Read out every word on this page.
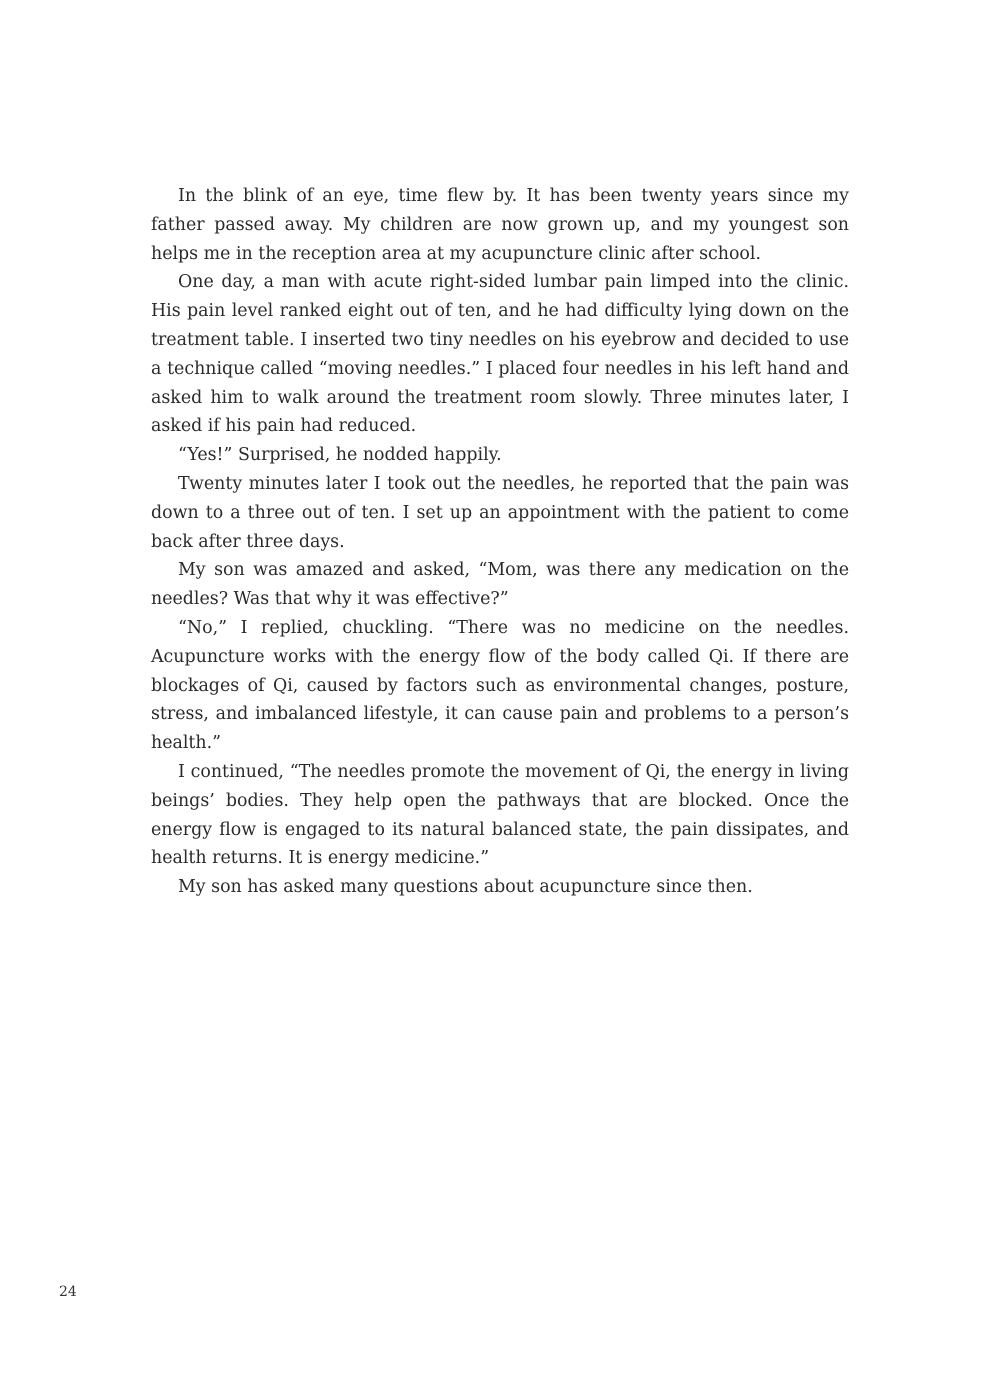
In the blink of an eye, time flew by. It has been twenty years since my father passed away. My children are now grown up, and my youngest son helps me in the reception area at my acupuncture clinic after school.

One day, a man with acute right-sided lumbar pain limped into the clinic. His pain level ranked eight out of ten, and he had difficulty lying down on the treatment table. I inserted two tiny needles on his eyebrow and decided to use a technique called “moving needles.” I placed four needles in his left hand and asked him to walk around the treatment room slowly. Three minutes later, I asked if his pain had reduced.

“Yes!” Surprised, he nodded happily.

Twenty minutes later I took out the needles, he reported that the pain was down to a three out of ten. I set up an appointment with the patient to come back after three days.

My son was amazed and asked, “Mom, was there any medication on the needles? Was that why it was effective?”

“No,” I replied, chuckling. “There was no medicine on the needles. Acupuncture works with the energy flow of the body called Qi. If there are blockages of Qi, caused by factors such as environmental changes, posture, stress, and imbalanced lifestyle, it can cause pain and problems to a person’s health.”

I continued, “The needles promote the movement of Qi, the energy in living beings’ bodies. They help open the pathways that are blocked. Once the energy flow is engaged to its natural balanced state, the pain dissipates, and health returns. It is energy medicine.”

My son has asked many questions about acupuncture since then.

24
